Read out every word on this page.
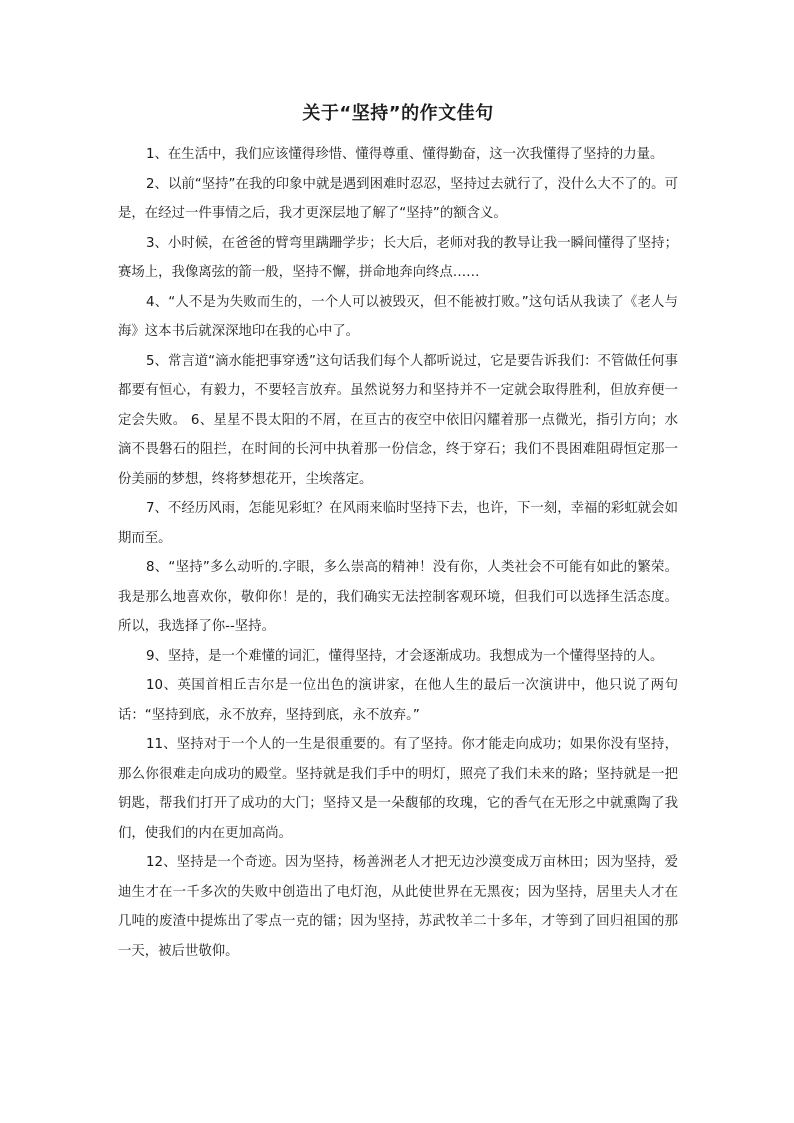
关于“坚持”的作文佳句

1、在生活中，我们应该懂得珍惜、懂得尊重、懂得勤奋，这一次我懂得了坚持的力量。

2、以前“坚持”在我的印象中就是遇到困难时忍忍，坚持过去就行了，没什么大不了的。可是，在经过一件事情之后，我才更深层地了解了“坚持”的额含义。

3、小时候，在爸爸的臂弯里蹒跚学步；长大后，老师对我的教导让我一瞬间懂得了坚持；赛场上，我像离弦的箭一般，坚持不懈，拼命地奔向终点……

4、“人不是为失败而生的，一个人可以被毁灭，但不能被打败。”这句话从我读了《老人与海》这本书后就深深地印在我的心中了。

5、常言道“滴水能把事穿透”这句话我们每个人都听说过，它是要告诉我们：不管做任何事都要有恒心，有毅力，不要轻言放弃。虽然说努力和坚持并不一定就会取得胜利，但放弃便一定会失败。 6、星星不畏太阳的不屑，在亘古的夜空中依旧闪耀着那一点微光，指引方向；水滴不畏磐石的阻拦，在时间的长河中执着那一份信念，终于穿石；我们不畏困难阻碍恒定那一份美丽的梦想，终将梦想花开，尘埃落定。

7、不经历风雨，怎能见彩虹？在风雨来临时坚持下去，也许，下一刻，幸福的彩虹就会如期而至。

8、“坚持”多么动听的.字眼，多么崇高的精神！没有你，人类社会不可能有如此的繁荣。我是那么地喜欢你，敬仰你！是的，我们确实无法控制客观环境，但我们可以选择生活态度。所以，我选择了你--坚持。

9、坚持，是一个难懂的词汇，懂得坚持，才会逐渐成功。我想成为一个懂得坚持的人。

10、英国首相丘吉尔是一位出色的演讲家，在他人生的最后一次演讲中，他只说了两句话：“坚持到底，永不放弃，坚持到底，永不放弃。”

11、坚持对于一个人的一生是很重要的。有了坚持。你才能走向成功；如果你没有坚持，那么你很难走向成功的殿堂。坚持就是我们手中的明灯，照亮了我们未来的路；坚持就是一把钥匙，帮我们打开了成功的大门；坚持又是一朵馥郁的玫瑰，它的香气在无形之中就熏陶了我们，使我们的内在更加高尚。

12、坚持是一个奇迹。因为坚持，杨善洲老人才把无边沙漠变成万亩林田；因为坚持，爱迪生才在一千多次的失败中创造出了电灯泡，从此使世界在无黑夜；因为坚持，居里夫人才在几吨的废渣中提炼出了零点一克的镭；因为坚持，苏武牧羊二十多年，才等到了回归祖国的那一天，被后世敬仰。
